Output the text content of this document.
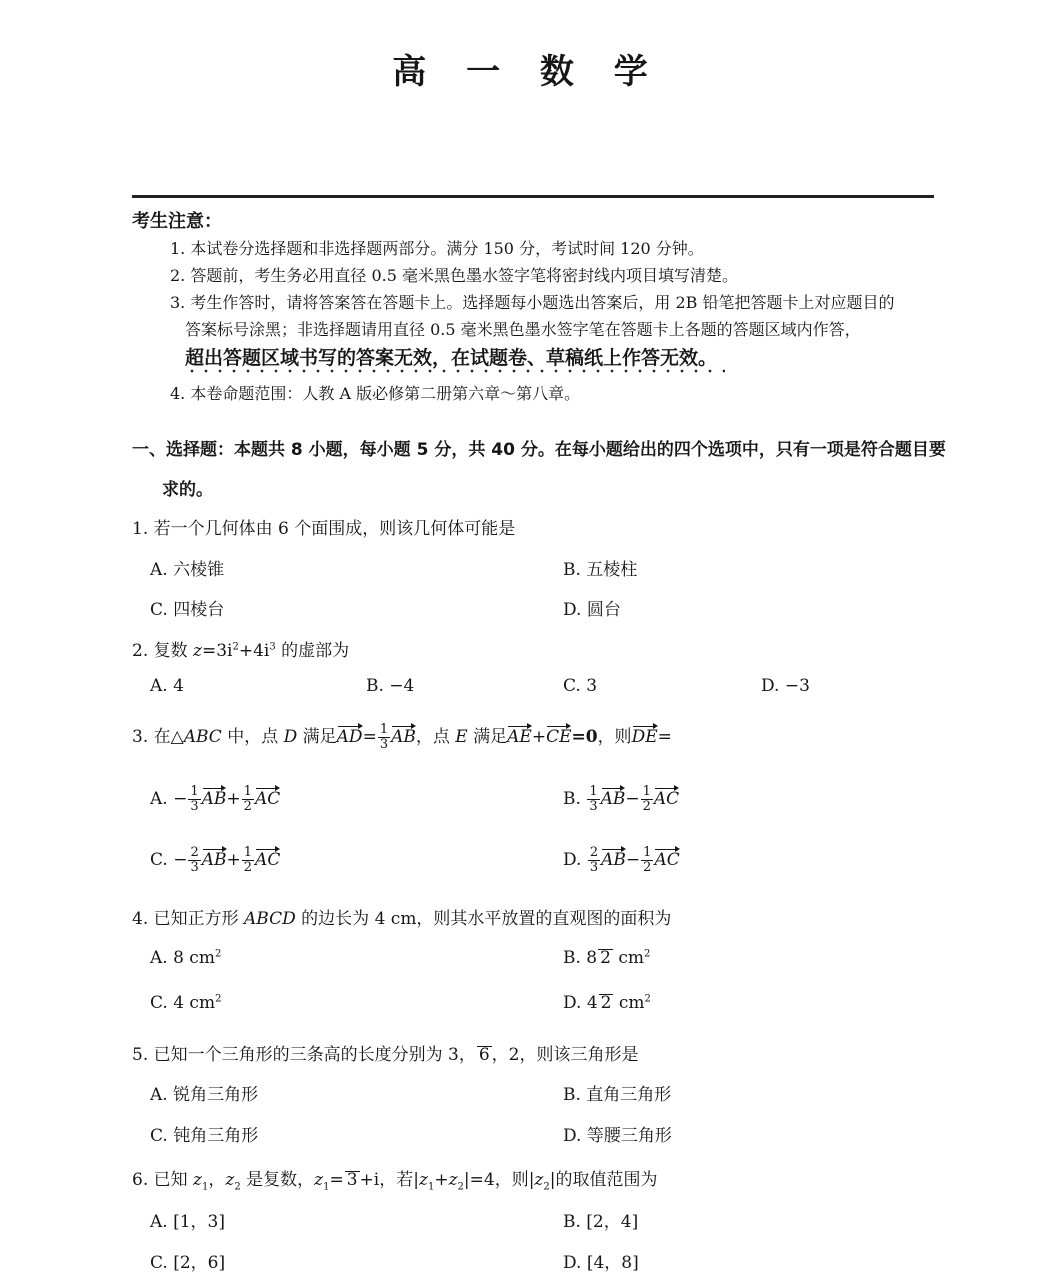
高 一 数 学
考生注意：
1. 本试卷分选择题和非选择题两部分。满分 150 分，考试时间 120 分钟。
2. 答题前，考生务必用直径 0.5 毫米黑色墨水签字笔将密封线内项目填写清楚。
3. 考生作答时，请将答案答在答题卡上。选择题每小题选出答案后，用 2B 铅笔把答题卡上对应题目的
答案标号涂黑；非选择题请用直径 0.5 毫米黑色墨水签字笔在答题卡上各题的答题区域内作答，
超出答题区域书写的答案无效，在试题卷、草稿纸上作答无效。
4. 本卷命题范围：人教 A 版必修第二册第六章～第八章。
一、选择题：本题共 8 小题，每小题 5 分，共 40 分。在每小题给出的四个选项中，只有一项是符合题目要
求的。
1. 若一个几何体由 6 个面围成，则该几何体可能是
A. 六棱锥	B. 五棱柱
C. 四棱台	D. 圆台
2. 复数 $z=3i^2+4i^3$ 的虚部为
A. 4	B. −4	C. 3	D. −3
3. 在△ABC 中，点 D 满足$AD= \frac{1}{3}$ AB，点 E 满足AE+CE=0，则DE=
A. − $\frac{1}{3} AB+ \frac{1}{2}$ AC	B. $\frac{1}{3} AB- \frac{1}{2}$ AC
C. − $\frac{2}{3} AB+ \frac{1}{2}$ AC	D. $\frac{2}{3} AB- \frac{1}{2}$ AC
4. 已知正方形 ABCD 的边长为 4 cm，则其水平放置的直观图的面积为
A. 8 $cm^2$	B. 8 2 $cm^2$
C. 4 $cm^2$	D. 4 2 $cm^2$
5. 已知一个三角形的三条高的长度分别为 3， 6 ，2，则该三角形是
A. 锐角三角形	B. 直角三角形
C. 钝角三角形	D. 等腰三角形
6. 已知 $z_1$，$z_2$ 是复数，$z_1= 3 +i$，若$|z_1+z_2|=4$，则$|z_2|$的取值范围为
A. [1，3]	B. [2，4]
C. [2，6]	D. [4，8]
